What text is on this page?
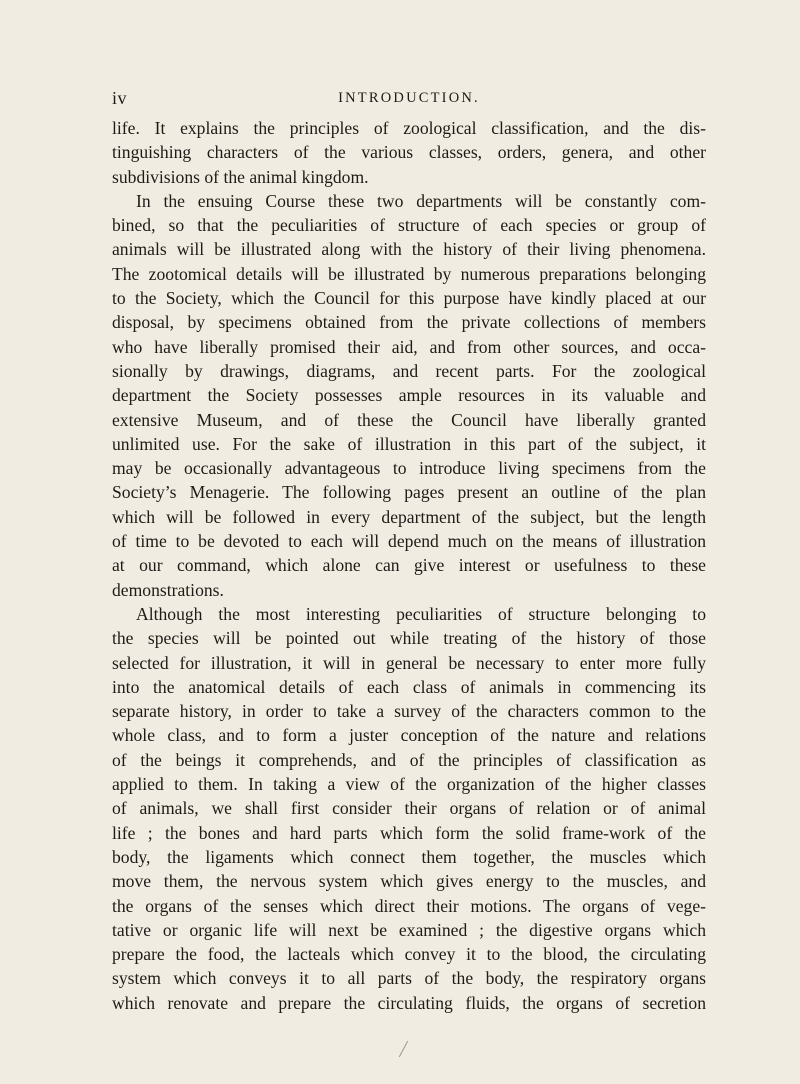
iv	INTRODUCTION.
life. It explains the principles of zoological classification, and the dis-
tinguishing characters of the various classes, orders, genera, and other
subdivisions of the animal kingdom.
In the ensuing Course these two departments will be constantly com-
bined, so that the peculiarities of structure of each species or group of
animals will be illustrated along with the history of their living phenomena.
The zootomical details will be illustrated by numerous preparations belonging
to the Society, which the Council for this purpose have kindly placed at our
disposal, by specimens obtained from the private collections of members
who have liberally promised their aid, and from other sources, and occa-
sionally by drawings, diagrams, and recent parts. For the zoological
department the Society possesses ample resources in its valuable and
extensive Museum, and of these the Council have liberally granted
unlimited use. For the sake of illustration in this part of the subject, it
may be occasionally advantageous to introduce living specimens from the
Society’s Menagerie. The following pages present an outline of the plan
which will be followed in every department of the subject, but the length
of time to be devoted to each will depend much on the means of illustration
at our command, which alone can give interest or usefulness to these
demonstrations.
Although the most interesting peculiarities of structure belonging to
the species will be pointed out while treating of the history of those
selected for illustration, it will in general be necessary to enter more fully
into the anatomical details of each class of animals in commencing its
separate history, in order to take a survey of the characters common to the
whole class, and to form a juster conception of the nature and relations
of the beings it comprehends, and of the principles of classification as
applied to them. In taking a view of the organization of the higher classes
of animals, we shall first consider their organs of relation or of animal
life ; the bones and hard parts which form the solid frame-work of the
body, the ligaments which connect them together, the muscles which
move them, the nervous system which gives energy to the muscles, and
the organs of the senses which direct their motions. The organs of vege-
tative or organic life will next be examined ; the digestive organs which
prepare the food, the lacteals which convey it to the blood, the circulating
system which conveys it to all parts of the body, the respiratory organs
which renovate and prepare the circulating fluids, the organs of secretion
